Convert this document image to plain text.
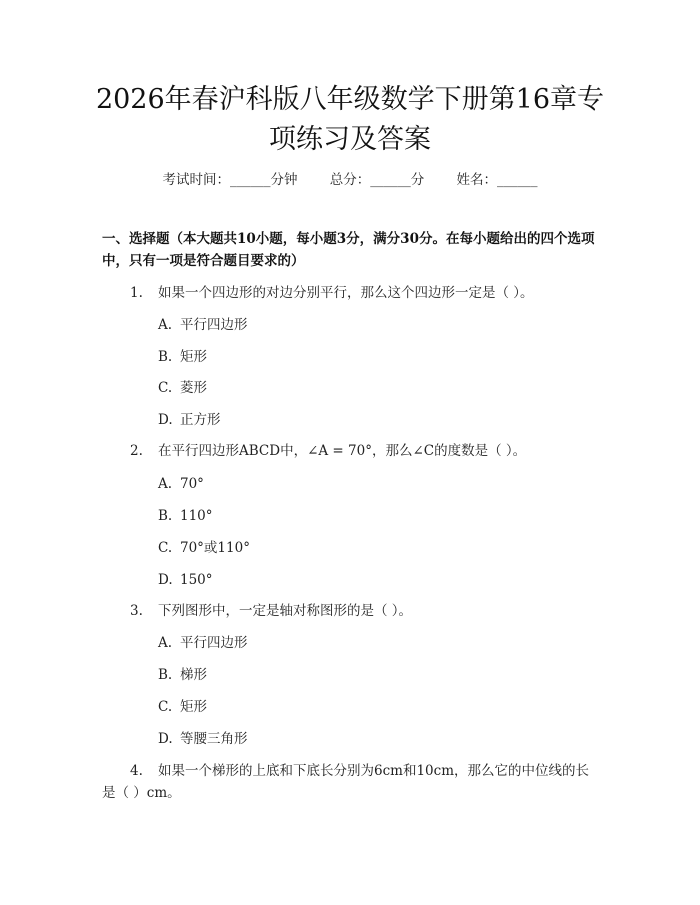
2026年春沪科版八年级数学下册第16章专项练习及答案
考试时间：______分钟 总分：______分 姓名：______
一、选择题（本大题共10小题，每小题3分，满分30分。在每小题给出的四个选项中，只有一项是符合题目要求的）
1. 如果一个四边形的对边分别平行，那么这个四边形一定是（ ）。
A. 平行四边形
B. 矩形
C. 菱形
D. 正方形
2. 在平行四边形ABCD中，∠A = 70°，那么∠C的度数是（ ）。
A. 70°
B. 110°
C. 70°或110°
D. 150°
3. 下列图形中，一定是轴对称图形的是（ ）。
A. 平行四边形
B. 梯形
C. 矩形
D. 等腰三角形
4. 如果一个梯形的上底和下底长分别为6cm和10cm，那么它的中位线的长是（ ）cm。
